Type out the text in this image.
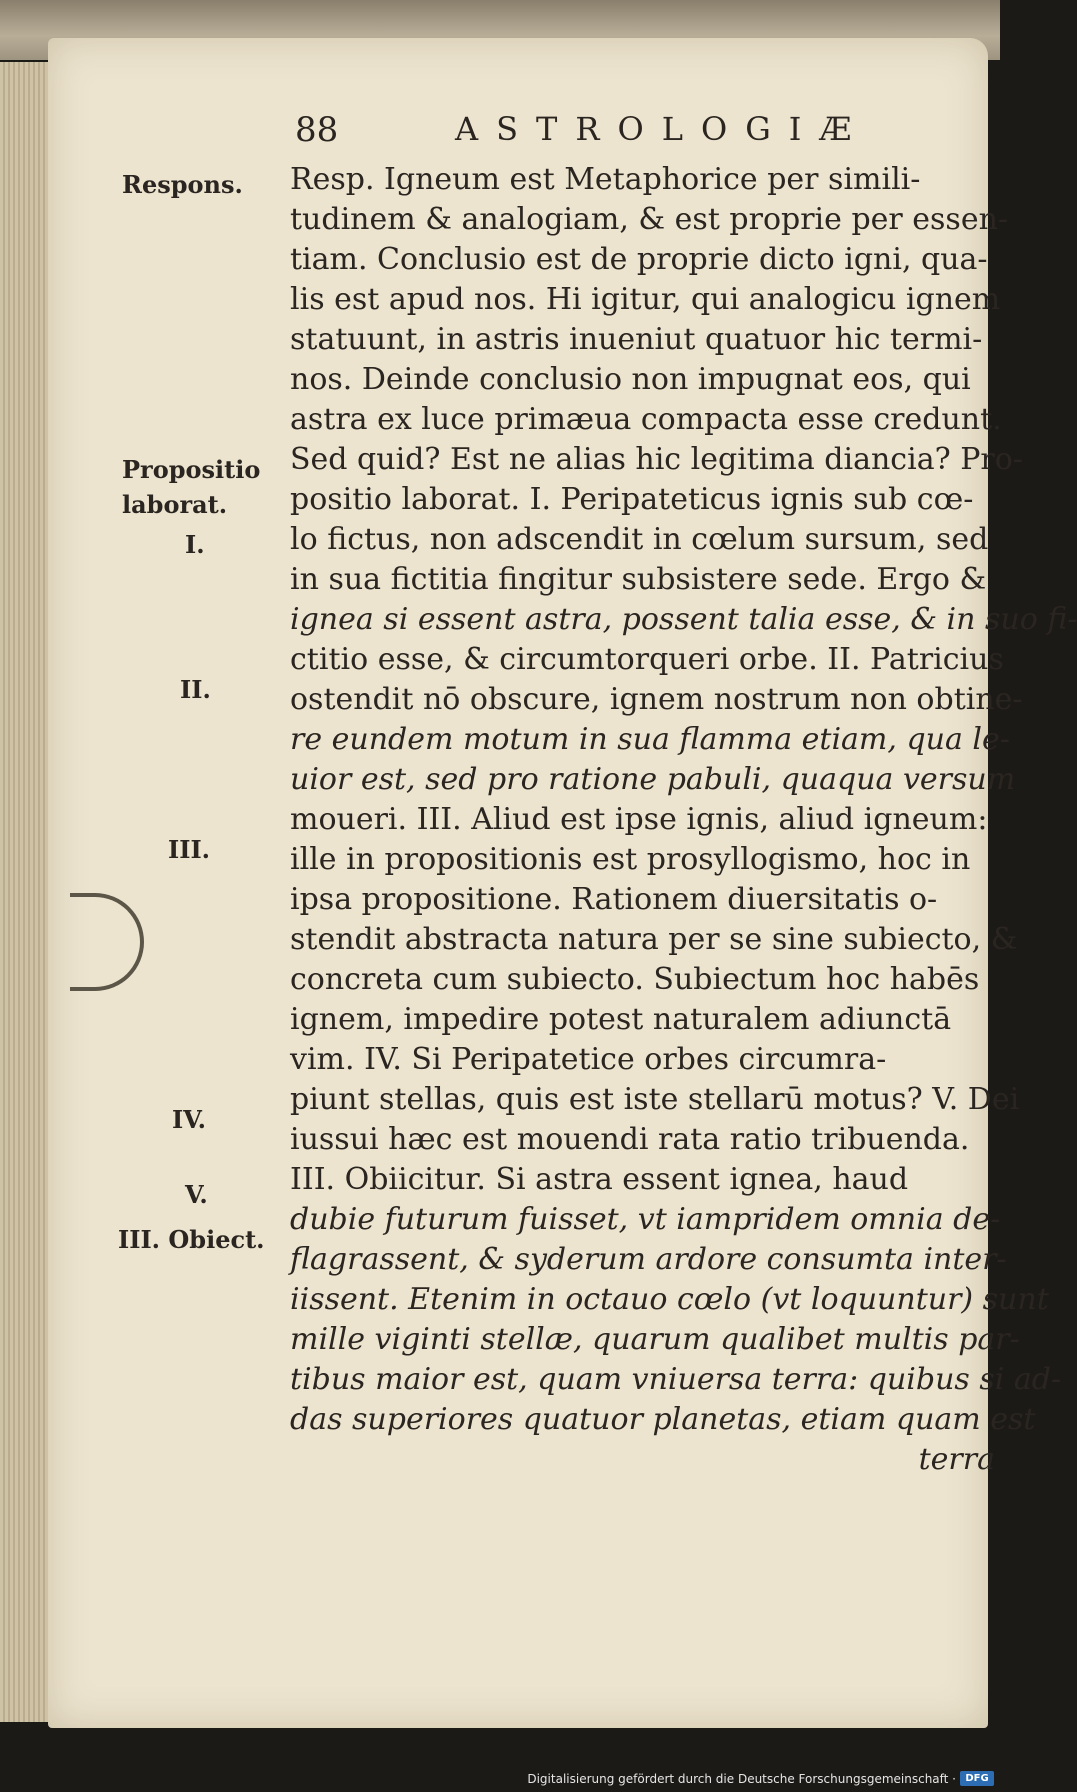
88	ASTROLOGIÆ
Respons.
Propositio
laborat.
I.
II.
III.
IV.
V.
III. Obiect.
Resp. Igneum est Metaphorice per simili-
tudinem & analogiam, & est proprie per essen-
tiam. Conclusio est de proprie dicto igni, qua-
lis est apud nos. Hi igitur, qui analogicu ignem
statuunt, in astris inueniut quatuor hic termi-
nos. Deinde conclusio non impugnat eos, qui
astra ex luce primæua compacta esse credunt.
Sed quid? Est ne alias hic legitima diancia? Pro-
positio laborat. I. Peripateticus ignis sub cœ-
lo fictus, non adscendit in cœlum sursum, sed
in sua fictitia fingitur subsistere sede. Ergo &
ignea si essent astra, possent talia esse, & in suo fi-
ctitio esse, & circumtorqueri orbe. II. Patricius
ostendit nō obscure, ignem nostrum non obtine-
re eundem motum in sua flamma etiam, qua le-
uior est, sed pro ratione pabuli, quaqua versum
moueri. III. Aliud est ipse ignis, aliud igneum:
ille in propositionis est prosyllogismo, hoc in
ipsa propositione. Rationem diuersitatis o-
stendit abstracta natura per se sine subiecto, &
concreta cum subiecto. Subiectum hoc habēs
ignem, impedire potest naturalem adiunctā
vim. IV. Si Peripatetice orbes circumra-
piunt stellas, quis est iste stellarū motus? V. Dei
iussui hæc est mouendi rata ratio tribuenda.
III. Obiicitur. Si astra essent ignea, haud
dubie futurum fuisset, vt iampridem omnia de-
flagrassent, & syderum ardore consumta inter-
iissent. Etenim in octauo cœlo (vt loquuntur) sunt
mille viginti stellæ, quarum qualibet multis par-
tibus maior est, quam vniuersa terra: quibus si ad-
das superiores quatuor planetas, etiam quam est
terra
Digitalisierung gefördert durch die Deutsche Forschungsgemeinschaft · DFG
